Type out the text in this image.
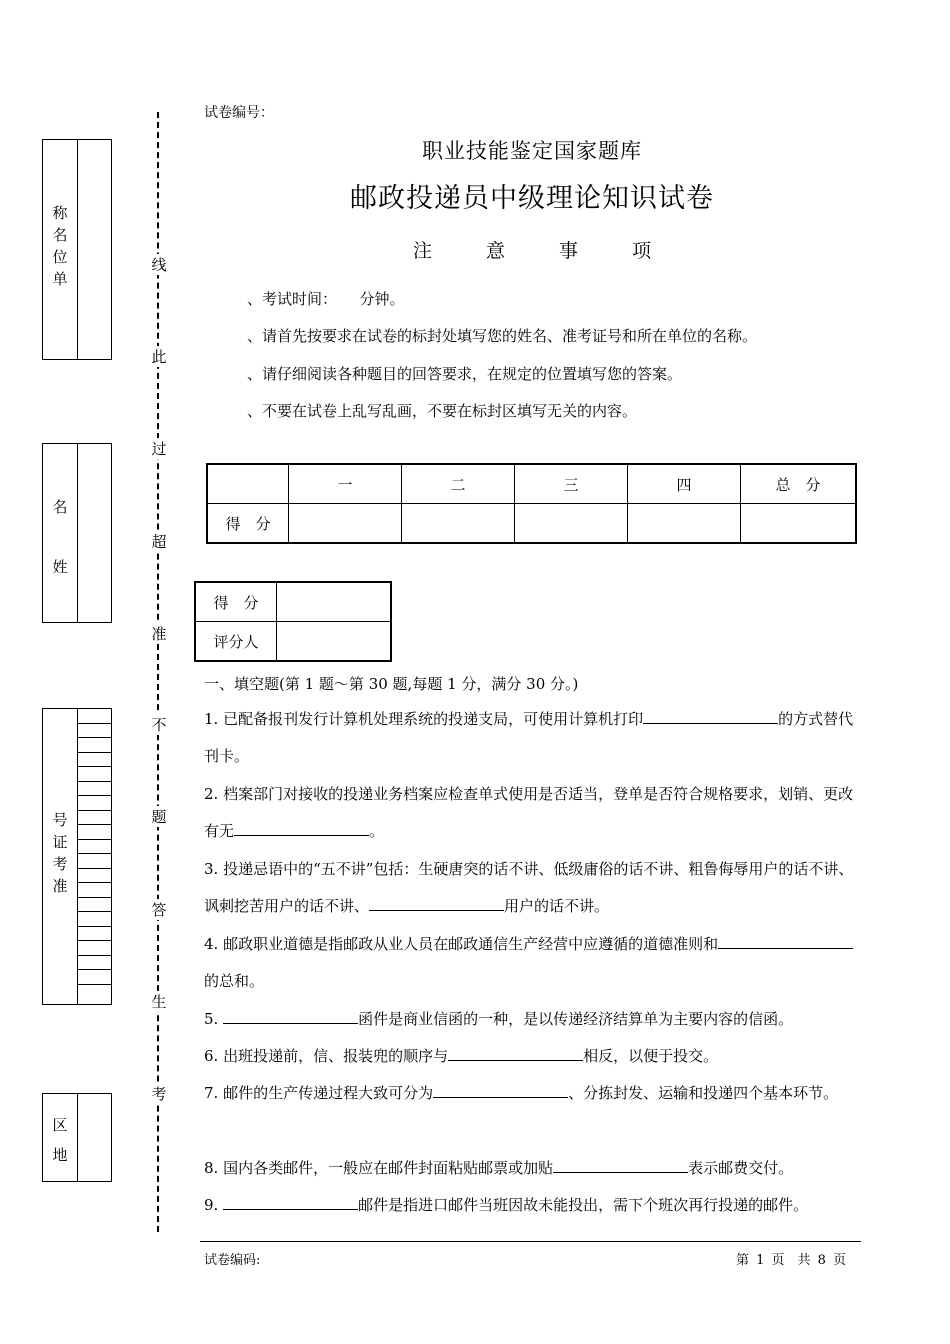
称
名
位
单
名
姓
号
证
考
准
区
地
线
此
过
超
准
不
题
答
生
考
试卷编号：
职业技能鉴定国家题库
邮政投递员中级理论知识试卷
注	意	事	项
、考试时间：　　分钟。
、请首先按要求在试卷的标封处填写您的姓名、准考证号和所在单位的名称。
、请仔细阅读各种题目的回答要求，在规定的位置填写您的答案。
、不要在试卷上乱写乱画，不要在标封区填写无关的内容。
	一	二	三	四	总　分
得　分					
得　分	
评分人	
一、填空题(第 1 题～第 30 题,每题 1 分，满分 30 分。)
1. 已配备报刊发行计算机处理系统的投递支局，可使用计算机打印	的方式替代刊卡。
2. 档案部门对接收的投递业务档案应检查单式使用是否适当，登单是否符合规格要求，划销、更改有无	。
3. 投递忌语中的“五不讲”包括：生硬唐突的话不讲、低级庸俗的话不讲、粗鲁侮辱用户的话不讲、讽刺挖苦用户的话不讲、	用户的话不讲。
4. 邮政职业道德是指邮政从业人员在邮政通信生产经营中应遵循的道德准则和的总和。
5.	函件是商业信函的一种，是以传递经济结算单为主要内容的信函。
6. 出班投递前，信、报装兜的顺序与	相反，以便于投交。
7. 邮件的生产传递过程大致可分为	、分拣封发、运输和投递四个基本环节。
8. 国内各类邮件，一般应在邮件封面粘贴邮票或加贴	表示邮费交付。
9.	邮件是指进口邮件当班因故未能投出，需下个班次再行投递的邮件。
试卷编码:	第 1 页　共 8 页
